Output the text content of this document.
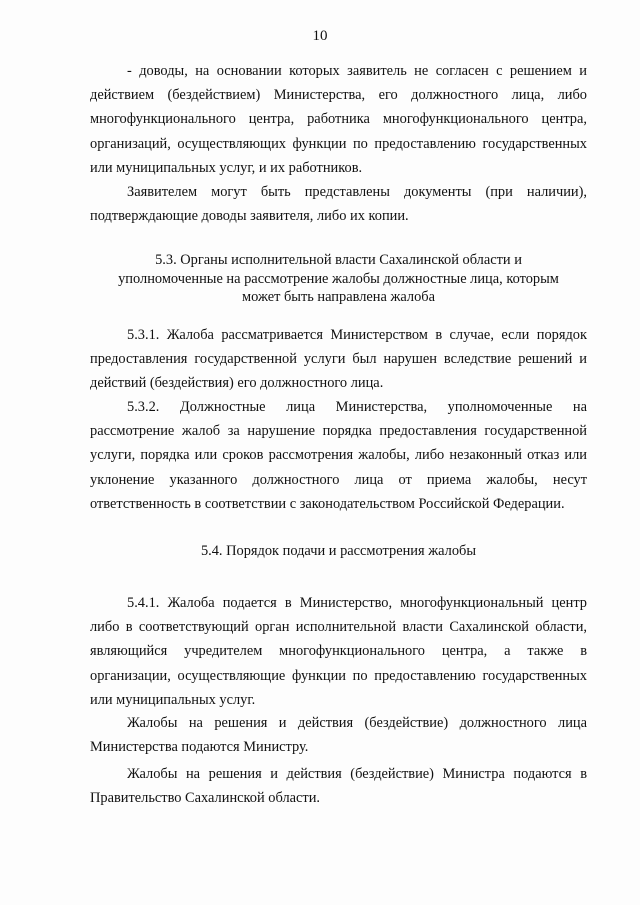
10

- доводы, на основании которых заявитель не согласен с решением и действием (бездействием) Министерства, его должностного лица, либо многофункционального центра, работника многофункционального центра, организаций, осуществляющих функции по предоставлению государственных или муниципальных услуг, и их работников.

Заявителем могут быть представлены документы (при наличии), подтверждающие доводы заявителя, либо их копии.

5.3. Органы исполнительной власти Сахалинской области и
уполномоченные на рассмотрение жалобы должностные лица, которым
может быть направлена жалоба

5.3.1. Жалоба рассматривается Министерством в случае, если порядок предоставления государственной услуги был нарушен вследствие решений и действий (бездействия) его должностного лица.

5.3.2. Должностные лица Министерства, уполномоченные на рассмотрение жалоб за нарушение порядка предоставления государственной услуги, порядка или сроков рассмотрения жалобы, либо незаконный отказ или уклонение указанного должностного лица от приема жалобы, несут ответственность в соответствии с законодательством Российской Федерации.

5.4. Порядок подачи и рассмотрения жалобы

5.4.1. Жалоба подается в Министерство, многофункциональный центр либо в соответствующий орган исполнительной власти Сахалинской области, являющийся учредителем многофункционального центра, а также в организации, осуществляющие функции по предоставлению государственных или муниципальных услуг.

Жалобы на решения и действия (бездействие) должностного лица Министерства подаются Министру.

Жалобы на решения и действия (бездействие) Министра подаются в Правительство Сахалинской области.
